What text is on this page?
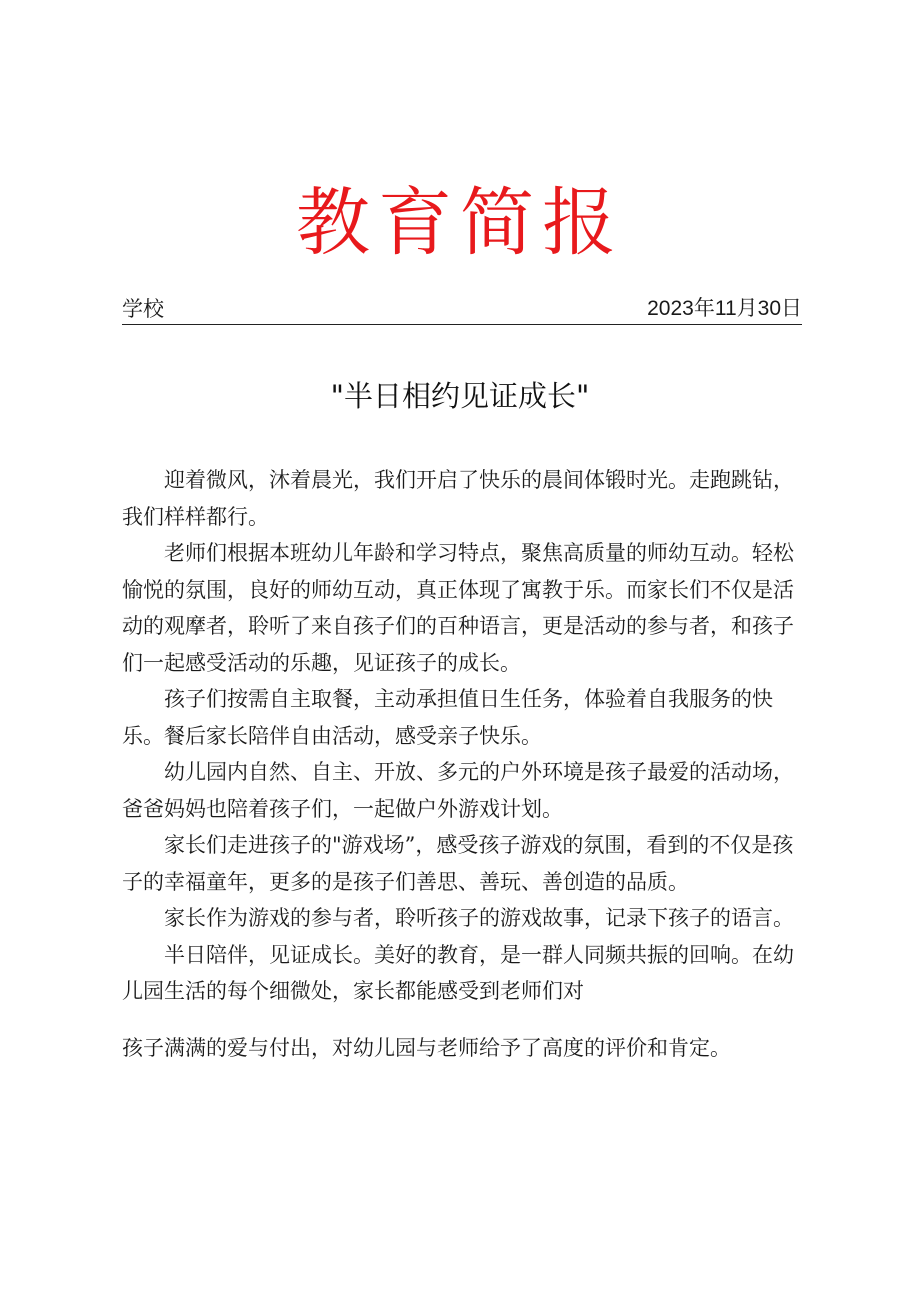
教育简报
学校	2023年11月30日
"半日相约见证成长"

迎着微风，沐着晨光，我们开启了快乐的晨间体锻时光。走跑跳钻，我们样样都行。

老师们根据本班幼儿年龄和学习特点，聚焦高质量的师幼互动。轻松愉悦的氛围，良好的师幼互动，真正体现了寓教于乐。而家长们不仅是活动的观摩者，聆听了来自孩子们的百种语言，更是活动的参与者，和孩子们一起感受活动的乐趣，见证孩子的成长。

孩子们按需自主取餐，主动承担值日生任务，体验着自我服务的快乐。餐后家长陪伴自由活动，感受亲子快乐。

幼儿园内自然、自主、开放、多元的户外环境是孩子最爱的活动场，爸爸妈妈也陪着孩子们，一起做户外游戏计划。

家长们走进孩子的"游戏场”，感受孩子游戏的氛围，看到的不仅是孩子的幸福童年，更多的是孩子们善思、善玩、善创造的品质。

家长作为游戏的参与者，聆听孩子的游戏故事，记录下孩子的语言。

半日陪伴，见证成长。美好的教育，是一群人同频共振的回响。在幼儿园生活的每个细微处，家长都能感受到老师们对

孩子满满的爱与付出，对幼儿园与老师给予了高度的评价和肯定。
